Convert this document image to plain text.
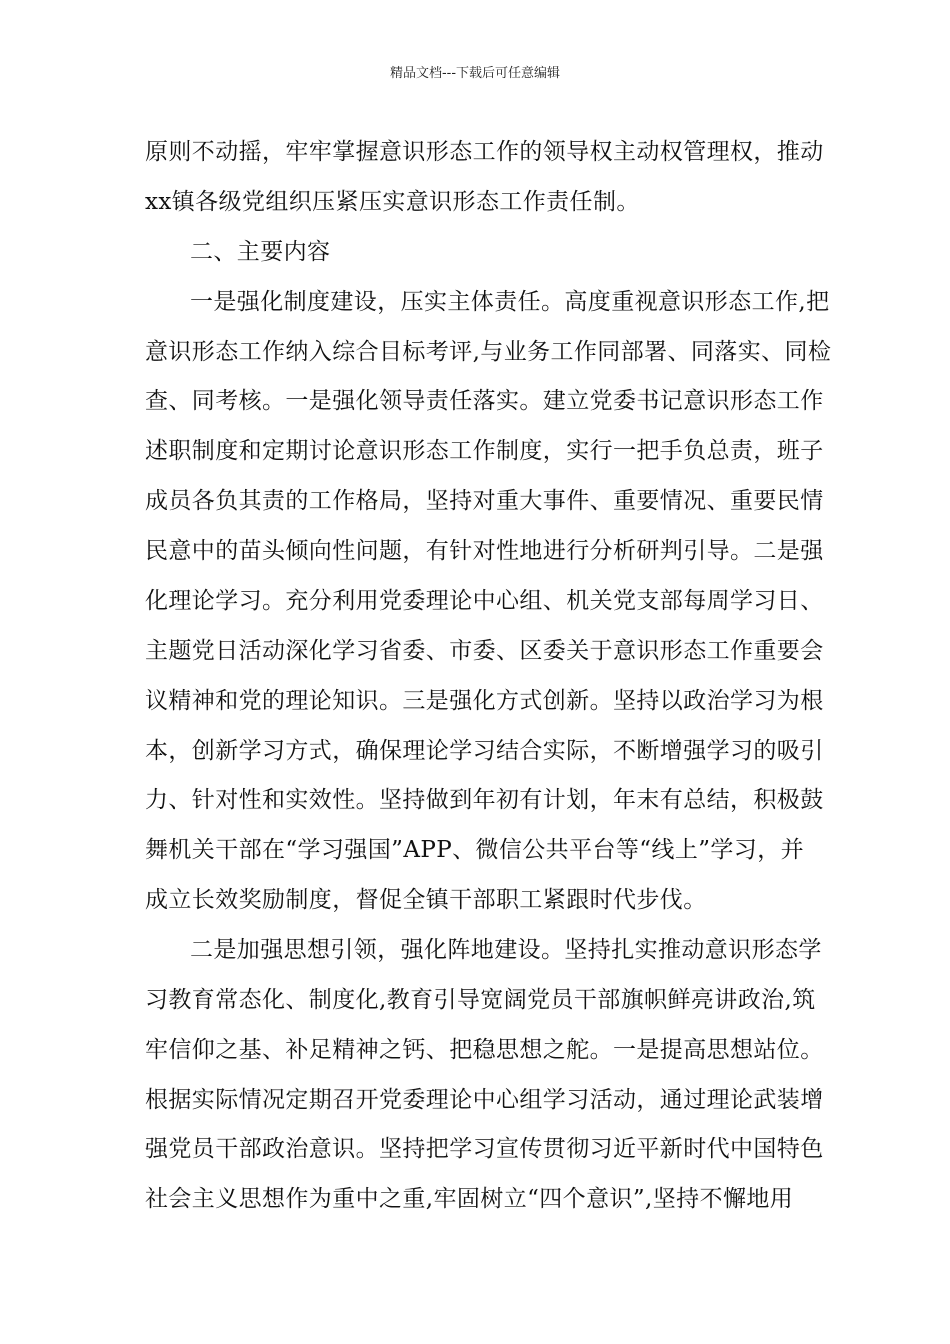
精品文档---下载后可任意编辑
原则不动摇，牢牢掌握意识形态工作的领导权主动权管理权，推动
xx镇各级党组织压紧压实意识形态工作责任制。
二、主要内容
一是强化制度建设，压实主体责任。高度重视意识形态工作,把
意识形态工作纳入综合目标考评,与业务工作同部署、同落实、同检
查、同考核。一是强化领导责任落实。建立党委书记意识形态工作
述职制度和定期讨论意识形态工作制度，实行一把手负总责，班子
成员各负其责的工作格局，坚持对重大事件、重要情况、重要民情
民意中的苗头倾向性问题，有针对性地进行分析研判引导。二是强
化理论学习。充分利用党委理论中心组、机关党支部每周学习日、
主题党日活动深化学习省委、市委、区委关于意识形态工作重要会
议精神和党的理论知识。三是强化方式创新。坚持以政治学习为根
本，创新学习方式，确保理论学习结合实际，不断增强学习的吸引
力、针对性和实效性。坚持做到年初有计划，年末有总结，积极鼓
舞机关干部在“学习强国”APP、微信公共平台等“线上”学习，并
成立长效奖励制度，督促全镇干部职工紧跟时代步伐。
二是加强思想引领，强化阵地建设。坚持扎实推动意识形态学
习教育常态化、制度化,教育引导宽阔党员干部旗帜鲜亮讲政治,筑
牢信仰之基、补足精神之钙、把稳思想之舵。一是提高思想站位。
根据实际情况定期召开党委理论中心组学习活动，通过理论武装增
强党员干部政治意识。坚持把学习宣传贯彻习近平新时代中国特色
社会主义思想作为重中之重,牢固树立“四个意识”,坚持不懈地用
